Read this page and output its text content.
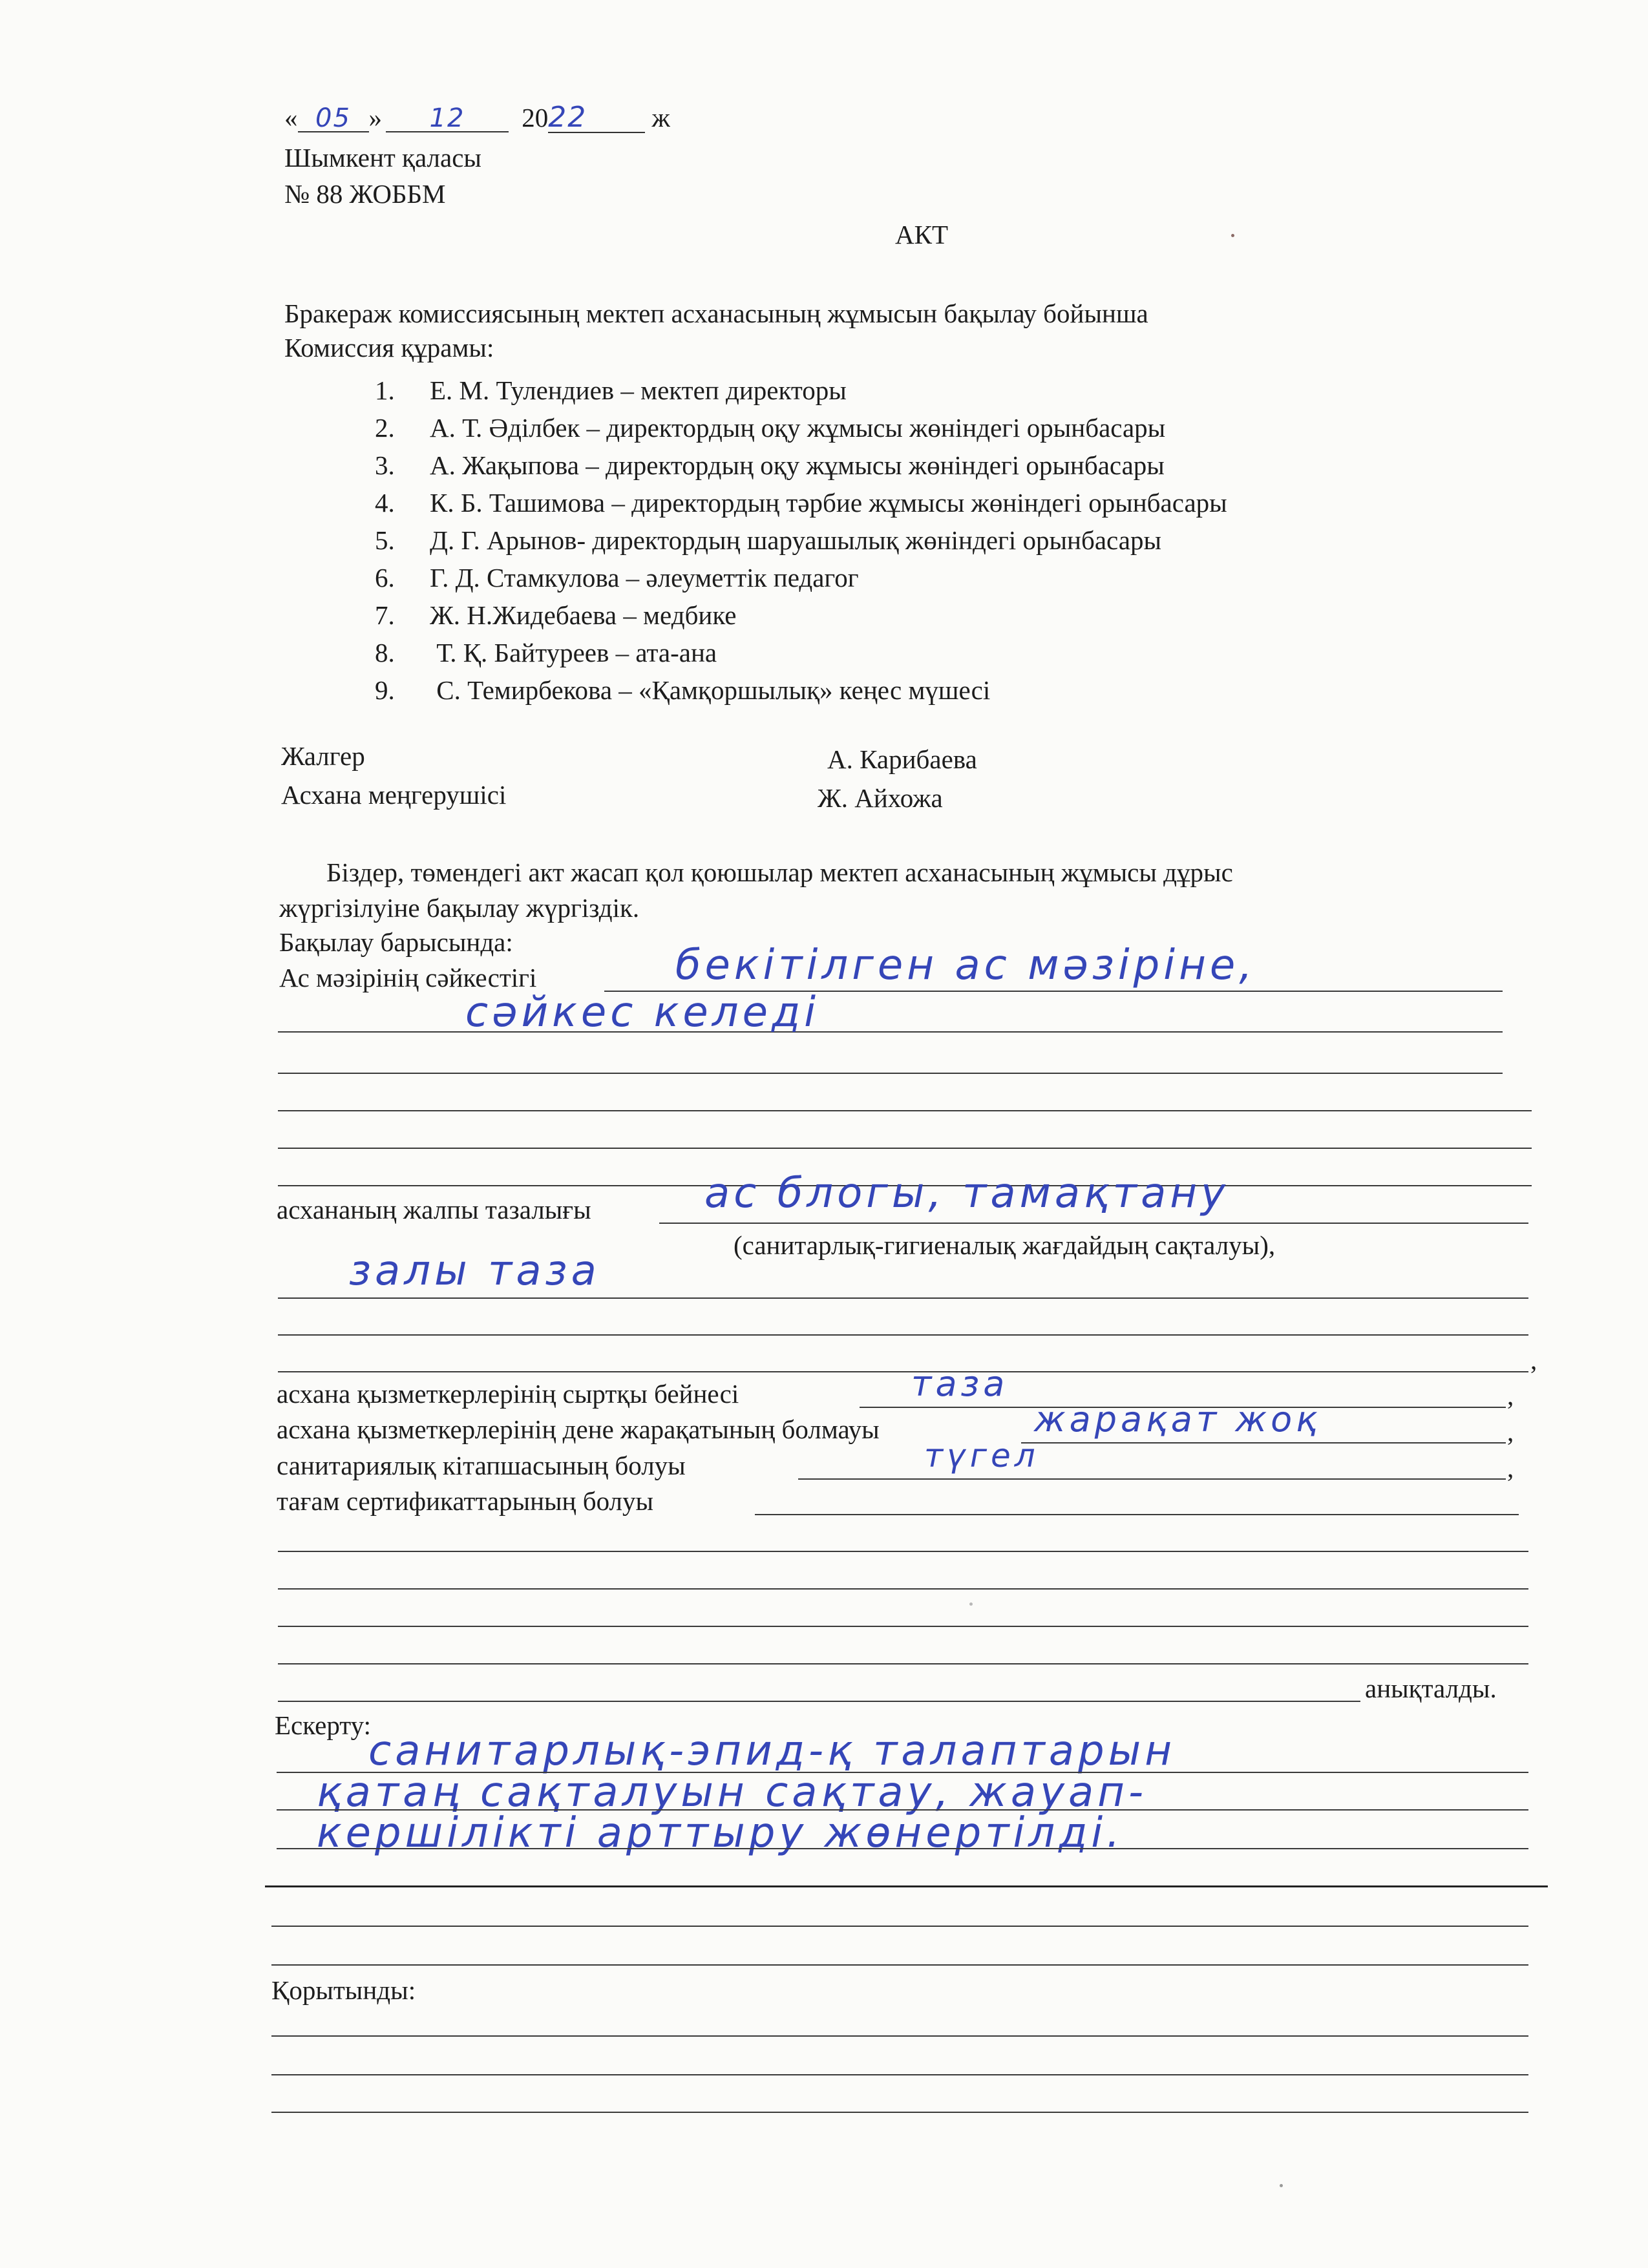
« 05 » 12 2022 ж
Шымкент қаласы
№ 88 ЖОББМ
АКТ
Бракераж комиссиясының мектеп асханасының жұмысын бақылау бойынша
Комиссия құрамы:
1. Е. М. Тулендиев – мектеп директоры
2. А. Т. Әділбек – директордың оқу жұмысы жөніндегі орынбасары
3. А. Жақыпова – директордың оқу жұмысы жөніндегі орынбасары
4. К. Б. Ташимова – директордың тәрбие жұмысы жөніндегі орынбасары
5. Д. Г. Арынов- директордың шаруашылық жөніндегі орынбасары
6. Г. Д. Стамкулова – әлеуметтік педагог
7. Ж. Н.Жидебаева – медбике
8. Т. Қ. Байтуреев – ата-ана
9. С. Темирбекова – «Қамқоршылық» кеңес мүшесі
Жалгер	А. Карибаева
Асхана меңгерушісі	Ж. Айхожа
Біздер, төмендегі акт жасап қол қоюшылар мектеп асханасының жұмысы дұрыс
жүргізілуіне бақылау жүргіздік.
Бақылау барысында:
Ас мәзірінің сәйкестігі	бекітілген ас мәзіріне,
сәйкес келеді
асхананың жалпы тазалығы	ас блогы, тамақтану
(санитарлық-гигиеналық жағдайдың сақталуы),
залы таза
,
асхана қызметкерлерінің сыртқы бейнесі	таза	,
асхана қызметкерлерінің дене жарақатының болмауы	жарақат жоқ	,
санитариялық кітапшасының болуы	түгел	,
тағам сертификаттарының болуы
анықталды.
Ескерту:
санитарлық-эпид-қ талаптарын
қатаң сақталуын сақтау, жауап-
кершілікті арттыру жөнертілді.
Қорытынды:
